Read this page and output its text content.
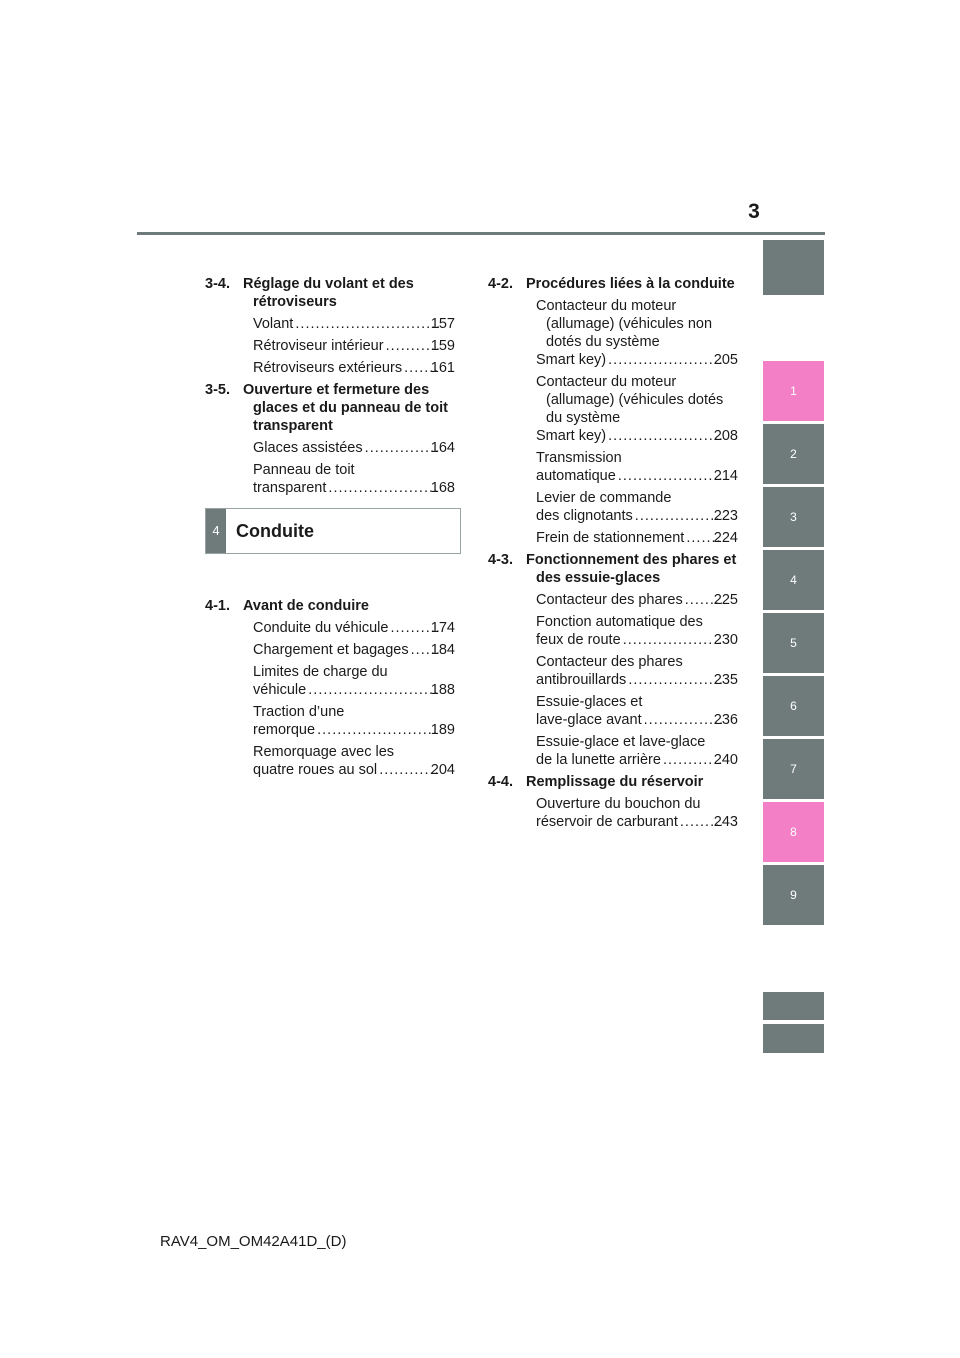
3
1
2
3
4
5
6
7
8
9
3-4. Réglage du volant et des rétroviseurs
Volant .....	157
Rétroviseur intérieur .....	159
Rétroviseurs extérieurs ..... 161
3-5. Ouverture et fermeture des glaces et du panneau de toit transparent
Glaces assistées .....	164
Panneau de toit

transparent .....	168
4-1. Avant de conduire
Conduite du véhicule .....	174
Chargement et bagages ..... 184
Limites de charge du

véhicule .....	188
Traction d’une

remorque .....	189
Remorquage avec les

quatre roues au sol .....	204
4 Conduite
4-2. Procédures liées à la conduite
Contacteur du moteur (allumage) (véhicules non dotés du système

Smart key) .....	205
Contacteur du moteur (allumage) (véhicules dotés du système

Smart key) .....	208
Transmission

automatique .....	214
Levier de commande

des clignotants .....	223
Frein de stationnement ..... 224
4-3. Fonctionnement des phares et des essuie-glaces
Contacteur des phares ..... 225
Fonction automatique des

feux de route .....	230
Contacteur des phares

antibrouillards .....	235
Essuie-glaces et

lave-glace avant .....	236
Essuie-glace et lave-glace

de la lunette arrière .....	240
4-4. Remplissage du réservoir
Ouverture du bouchon du

réservoir de carburant ..... 243
RAV4_OM_OM42A41D_(D)
